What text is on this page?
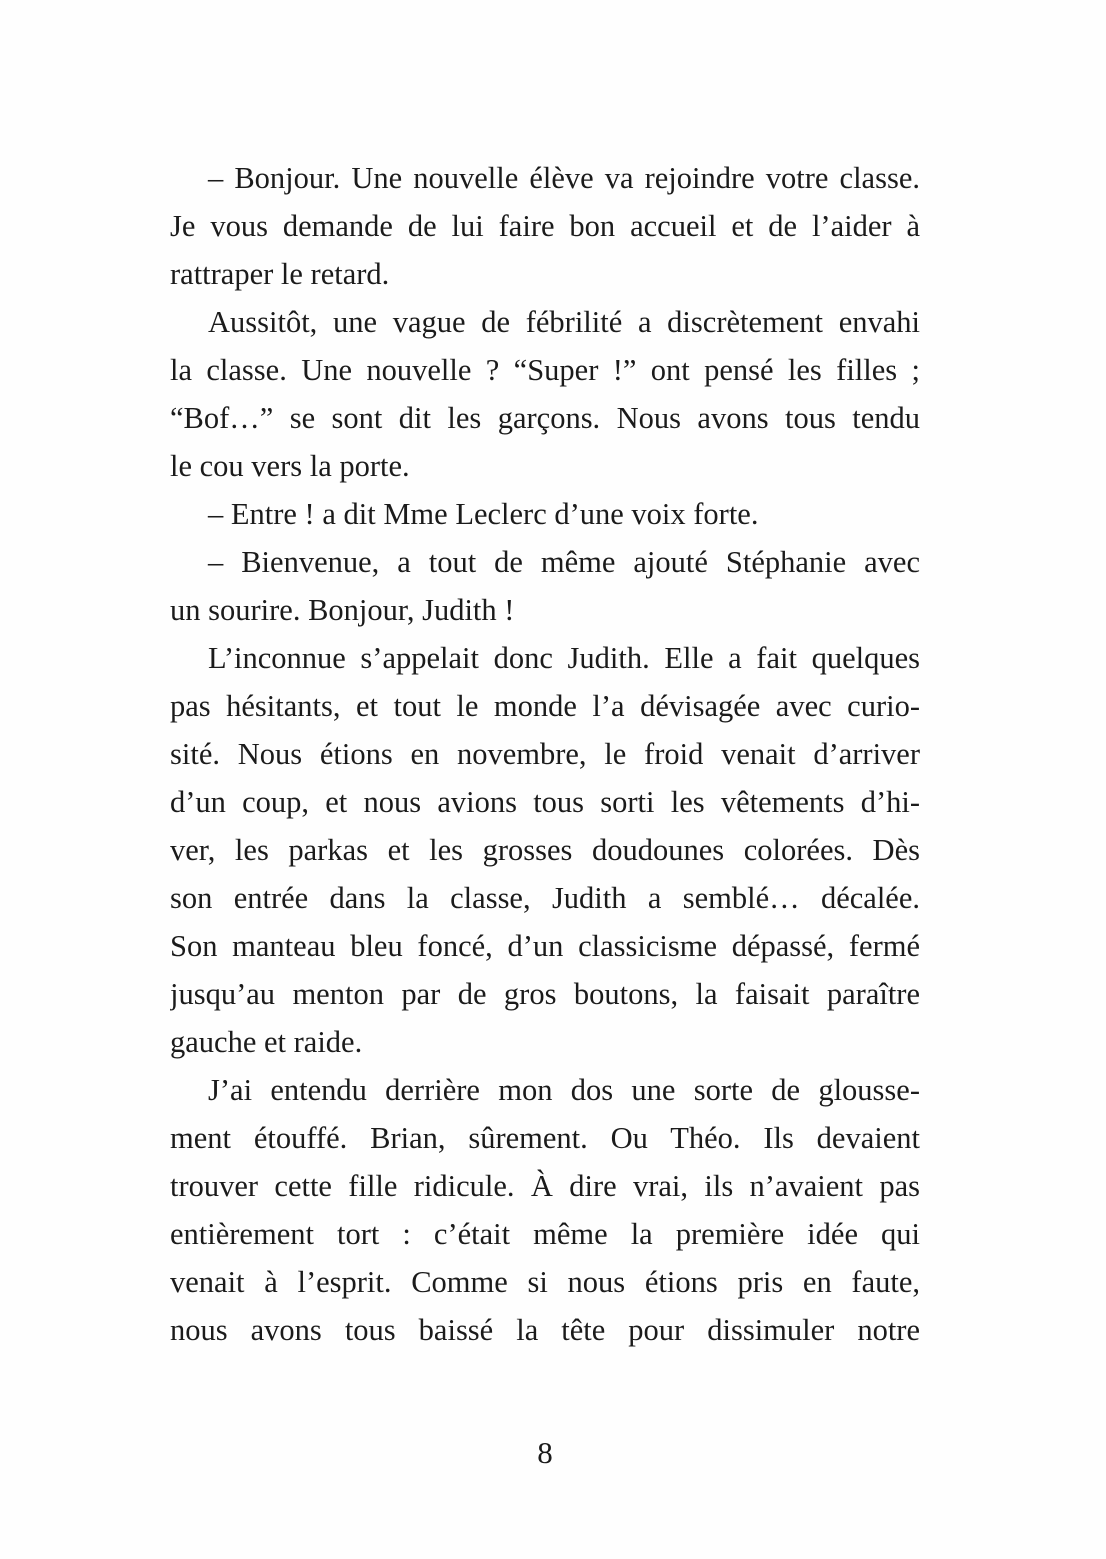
– Bonjour. Une nouvelle élève va rejoindre votre classe.
Je vous demande de lui faire bon accueil et de l’aider à
rattraper le retard.

Aussitôt, une vague de fébrilité a discrètement envahi
la classe. Une nouvelle ? “Super !” ont pensé les filles ;
“Bof…” se sont dit les garçons. Nous avons tous tendu
le cou vers la porte.

– Entre ! a dit Mme Leclerc d’une voix forte.

– Bienvenue, a tout de même ajouté Stéphanie avec
un sourire. Bonjour, Judith !

L’inconnue s’appelait donc Judith. Elle a fait quelques
pas hésitants, et tout le monde l’a dévisagée avec curio-
sité. Nous étions en novembre, le froid venait d’arriver
d’un coup, et nous avions tous sorti les vêtements d’hi-
ver, les parkas et les grosses doudounes colorées. Dès
son entrée dans la classe, Judith a semblé… décalée.
Son manteau bleu foncé, d’un classicisme dépassé, fermé
jusqu’au menton par de gros boutons, la faisait paraître
gauche et raide.

J’ai entendu derrière mon dos une sorte de glousse-
ment étouffé. Brian, sûrement. Ou Théo. Ils devaient
trouver cette fille ridicule. À dire vrai, ils n’avaient pas
entièrement tort : c’était même la première idée qui
venait à l’esprit. Comme si nous étions pris en faute,
nous avons tous baissé la tête pour dissimuler notre

8
